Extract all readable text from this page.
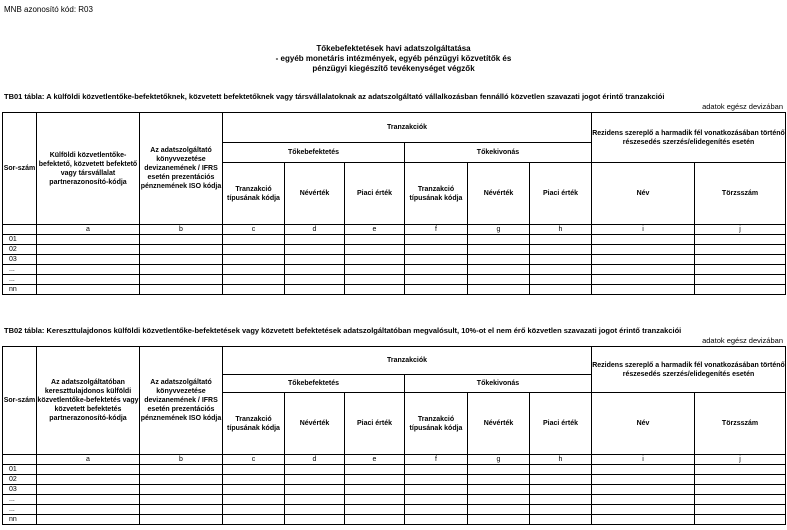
MNB azonosító kód: R03
Tőkebefektetések havi adatszolgáltatása
- egyéb monetáris intézmények, egyéb pénzügyi közvetítők és
pénzügyi kiegészítő tevékenységet végzők
TB01 tábla: A külföldi közvetlentőke-befektetőknek, közvetett befektetőknek vagy társvállalatoknak az adatszolgáltató vállalkozásban fennálló közvetlen szavazati jogot érintő tranzakciói
adatok egész devizában
Sor-szám	Külföldi közvetlentőke-befektető, közvetett befektető vagy társvállalat partnerazonosító-kódja	Az adatszolgáltató könyvvezetése devizanemének / IFRS esetén prezentációs pénznemének ISO kódja	Tranzakciók						Rezidens szereplő a harmadik fél vonatkozásában történő részesedés szerzés/elidegenítés esetén	
			Tőkebefektetés			Tőkekivonás				
			Tranzakció típusának kódja	Névérték	Piaci érték	Tranzakció típusának kódja	Névérték	Piaci érték	Név	Törzsszám
	a	b	c	d	e	f	g	h	i	j
01										
02										
03										
...										
...										
nn										
TB02 tábla: Kereszttulajdonos külföldi közvetlentőke-befektetések vagy közvetett befektetések adatszolgáltatóban megvalósult, 10%-ot el nem érő közvetlen szavazati jogot érintő tranzakciói
adatok egész devizában
Sor-szám	Az adatszolgáltatóban kereszttulajdonos külföldi közvetlentőke-befektetés vagy közvetett befektetés partnerazonosító-kódja	Az adatszolgáltató könyvvezetése devizanemének / IFRS esetén prezentációs pénznemének ISO kódja	Tranzakciók						Rezidens szereplő a harmadik fél vonatkozásában történő részesedés szerzés/elidegenítés esetén	
			Tőkebefektetés			Tőkekivonás				
			Tranzakció típusának kódja	Névérték	Piaci érték	Tranzakció típusának kódja	Névérték	Piaci érték	Név	Törzsszám
	a	b	c	d	e	f	g	h	i	j
01										
02										
03										
...										
...										
nn										
